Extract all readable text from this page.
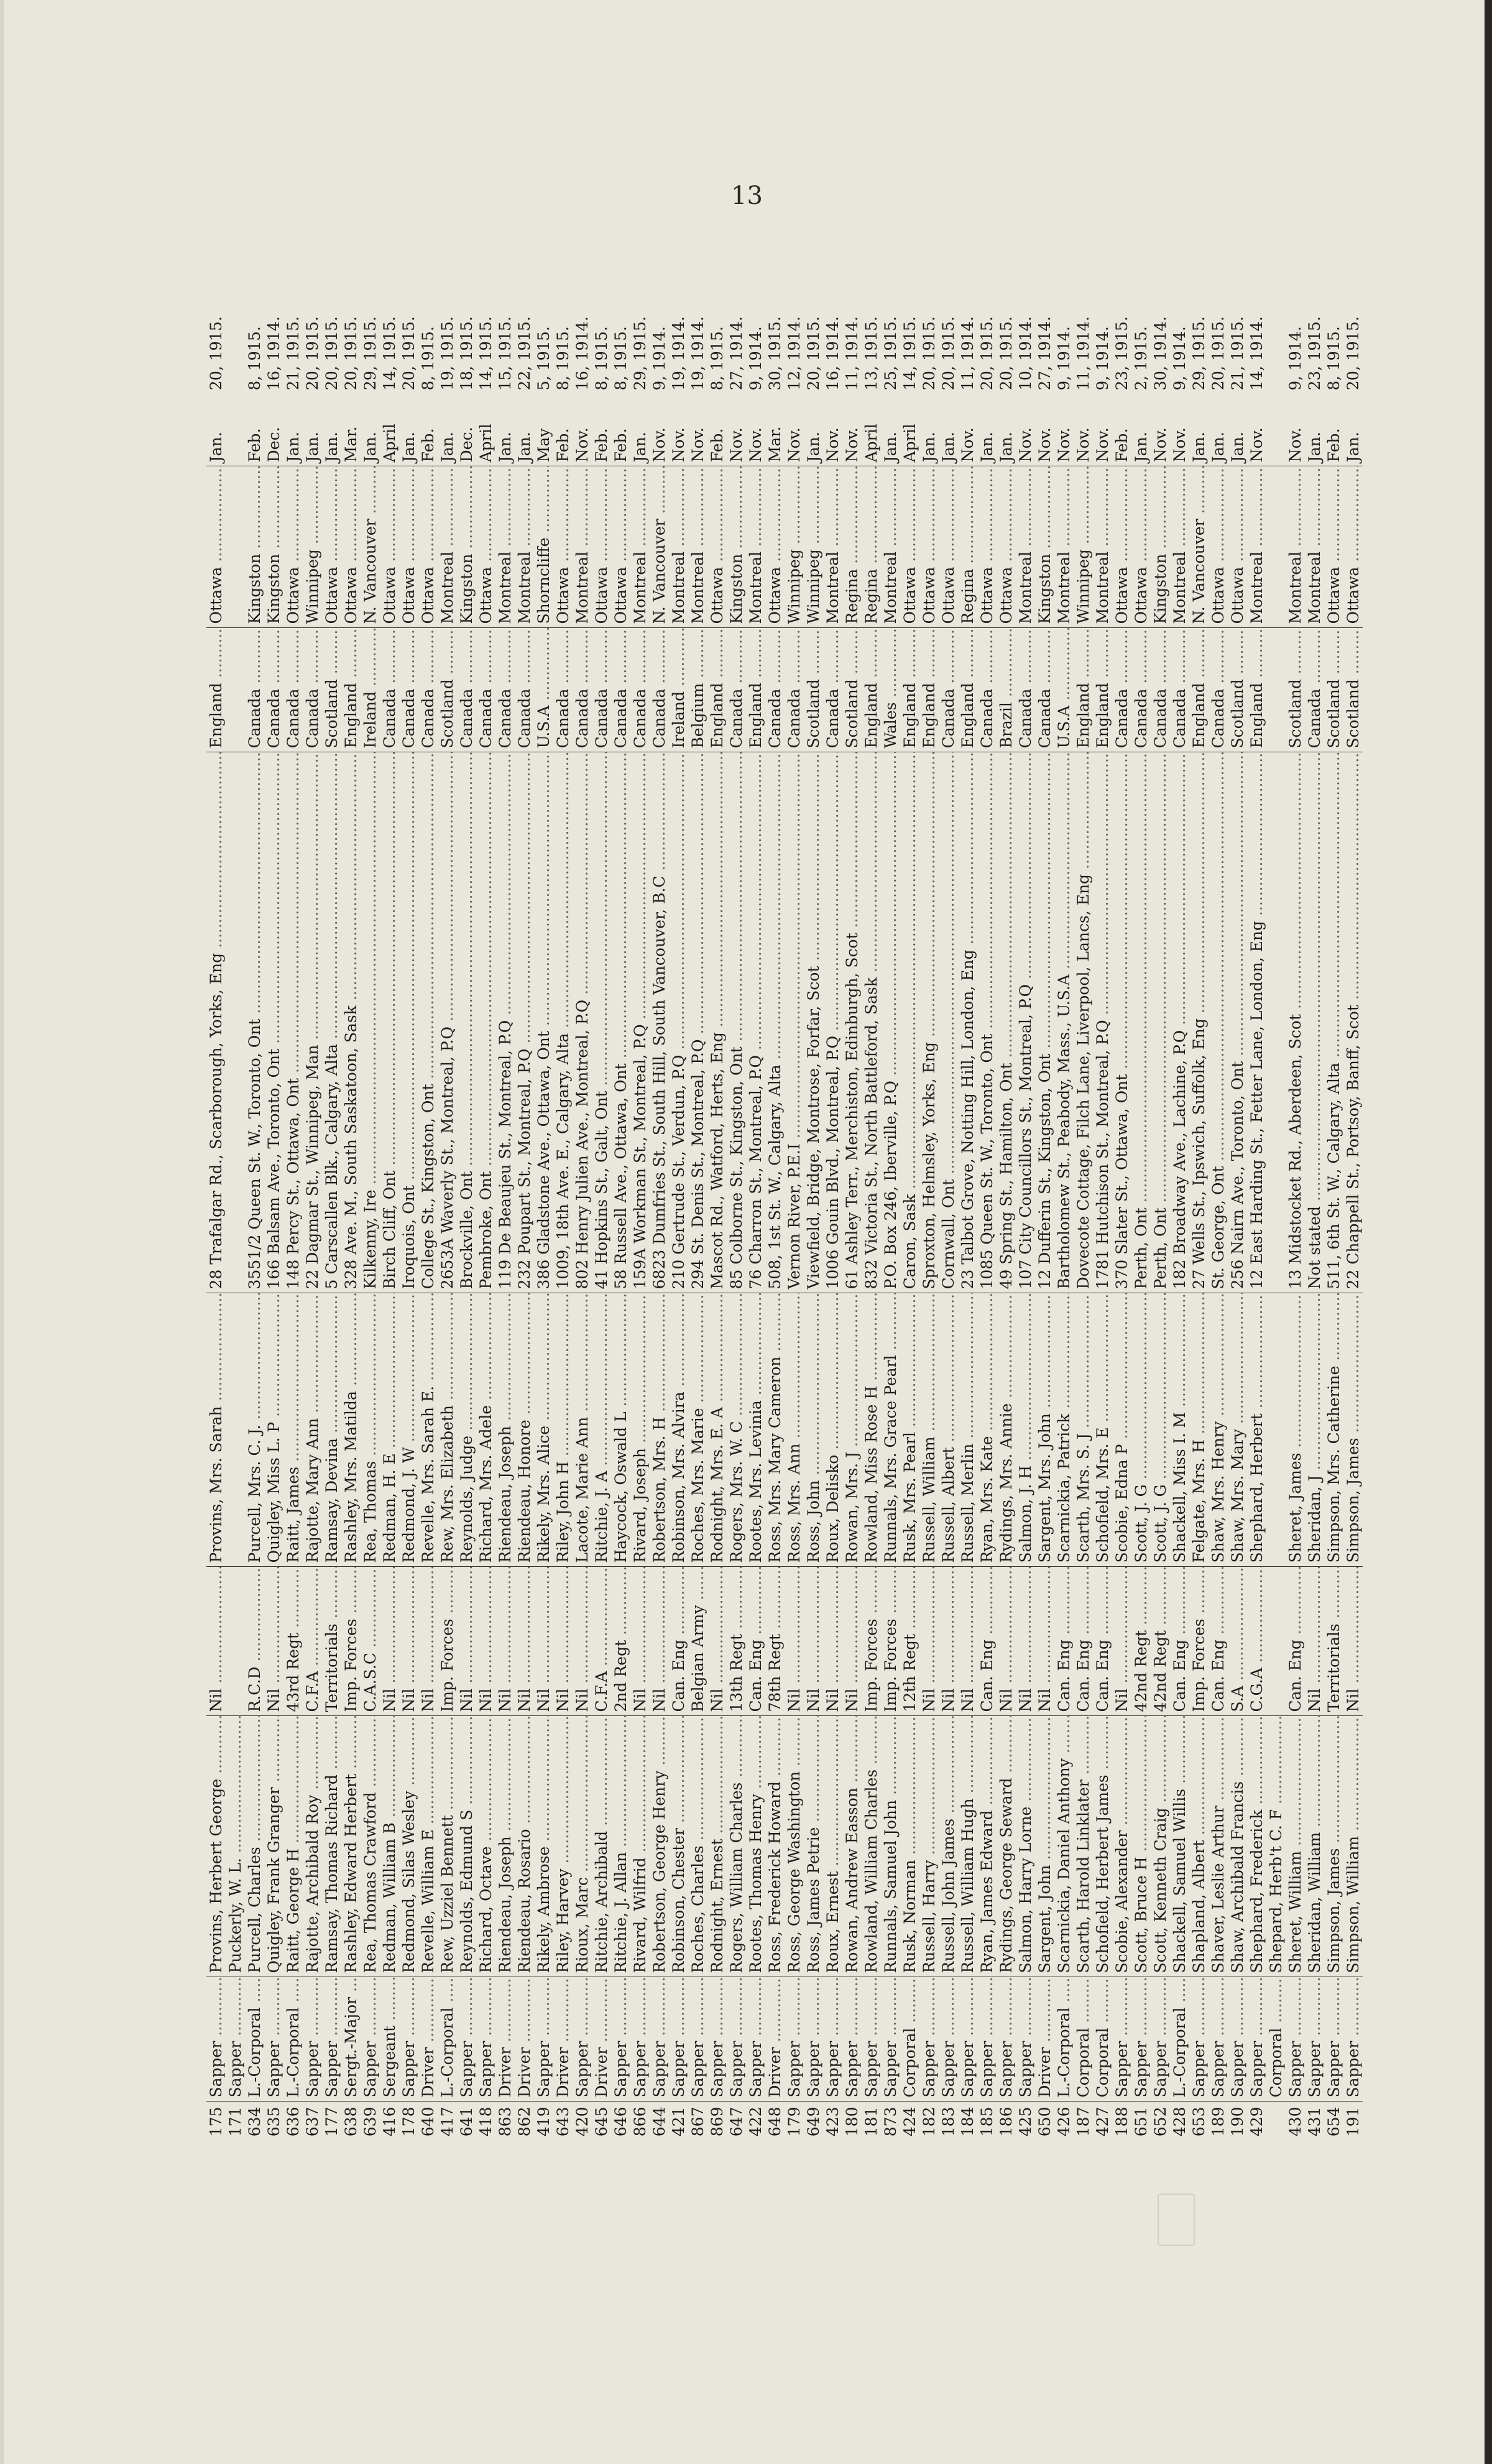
13
175	Sapper .....	Provins, Herbert George .....	Nil .....	Provins, Mrs. Sarah .....	28 Trafalgar Rd., Scarborough, Yorks, Eng .....	England .....	Ottawa .....	Jan.	20, 1915.
171	Sapper .....	Puckerly, W. L. .....							
634	L.-Corporal .....	Purcell, Charles .....	R.C.D .....	Purcell, Mrs. C. J. .....	3551/2 Queen St. W., Toronto, Ont .....	Canada .....	Kingston .....	Feb.	8, 1915.
635	Sapper .....	Quigley, Frank Granger .....	Nil .....	Quigley, Miss L. P .....	166 Balsam Ave., Toronto, Ont .....	Canada .....	Kingston .....	Dec.	16, 1914.
636	L.-Corporal .....	Raitt, George H .....	43rd Regt .....	Raitt, James .....	148 Percy St., Ottawa, Ont .....	Canada .....	Ottawa .....	Jan.	21, 1915.
637	Sapper .....	Rajotte, Archibald Roy .....	C.F.A .....	Rajotte, Mary Ann .....	22 Dagmar St., Winnipeg, Man .....	Canada .....	Winnipeg .....	Jan.	20, 1915.
177	Sapper .....	Ramsay, Thomas Richard .....	Territorials .....	Ramsay, Devina .....	5 Carscallen Blk., Calgary, Alta .....	Scotland .....	Ottawa .....	Jan.	20, 1915.
638	Sergt.-Major .....	Rashley, Edward Herbert .....	Imp. Forces .....	Rashley, Mrs. Matilda .....	328 Ave. M., South Saskatoon, Sask .....	England .....	Ottawa .....	Mar.	20, 1915.
639	Sapper .....	Rea, Thomas Crawford .....	C.A.S.C .....	Rea, Thomas .....	Kilkenny, Ire .....	Ireland .....	N. Vancouver .....	Jan.	29, 1915.
416	Sergeant .....	Redman, William B .....	Nil .....	Redman, H. E .....	Birch Cliff, Ont .....	Canada .....	Ottawa .....	April	14, 1915.
178	Sapper .....	Redmond, Silas Wesley .....	Nil .....	Redmond, J. W .....	Iroquois, Ont .....	Canada .....	Ottawa .....	Jan.	20, 1915.
640	Driver .....	Revelle, William E .....	Nil .....	Revelle, Mrs. Sarah E. .....	College St., Kingston, Ont .....	Canada .....	Ottawa .....	Feb.	8, 1915.
417	L.-Corporal .....	Rew, Uzziel Bennett .....	Imp. Forces .....	Rew, Mrs. Elizabeth .....	2653A Waverly St., Montreal, P.Q .....	Scotland .....	Montreal .....	Jan.	19, 1915.
641	Sapper .....	Reynolds, Edmund S .....	Nil .....	Reynolds, Judge .....	Brockville, Ont .....	Canada .....	Kingston .....	Dec.	18, 1915.
418	Sapper .....	Richard, Octave .....	Nil .....	Richard, Mrs. Adele .....	Pembroke, Ont .....	Canada .....	Ottawa .....	April	14, 1915.
863	Driver .....	Riendeau, Joseph .....	Nil .....	Riendeau, Joseph .....	119 De Beaujeu St., Montreal, P.Q .....	Canada .....	Montreal .....	Jan.	15, 1915.
862	Driver .....	Riendeau, Rosario .....	Nil .....	Riendeau, Honore .....	232 Poupart St., Montreal, P.Q .....	Canada .....	Montreal .....	Jan.	22, 1915.
419	Sapper .....	Rikely, Ambrose .....	Nil .....	Rikely, Mrs. Alice .....	386 Gladstone Ave., Ottawa, Ont .....	U.S.A .....	Shorncliffe .....	May	5, 1915.
643	Driver .....	Riley, Harvey .....	Nil .....	Riley, John H .....	1009, 18th Ave. E., Calgary, Alta .....	Canada .....	Ottawa .....	Feb.	8, 1915.
420	Sapper .....	Rioux, Marc .....	Nil .....	Lacote, Marie Ann .....	802 Henry Julien Ave., Montreal, P.Q .....	Canada .....	Montreal .....	Nov.	16, 1914.
645	Driver .....	Ritchie, Archibald .....	C.F.A .....	Ritchie, J. A .....	41 Hopkins St., Galt, Ont .....	Canada .....	Ottawa .....	Feb.	8, 1915.
646	Sapper .....	Ritchie, J. Allan .....	2nd Regt .....	Haycock, Oswald L .....	58 Russell Ave., Ottawa, Ont .....	Canada .....	Ottawa .....	Feb.	8, 1915.
866	Sapper .....	Rivard, Wilfrid .....	Nil .....	Rivard, Joseph .....	159A Workman St., Montreal, P.Q .....	Canada .....	Montreal .....	Jan.	29, 1915.
644	Sapper .....	Robertson, George Henry .....	Nil .....	Robertson, Mrs. H .....	6823 Dumfries St., South Hill, South Vancouver, B.C .....	Canada .....	N. Vancouver .....	Nov.	9, 1914.
421	Sapper .....	Robinson, Chester .....	Can. Eng .....	Robinson, Mrs. Alvira .....	210 Gertrude St., Verdun, P.Q .....	Ireland .....	Montreal .....	Nov.	19, 1914.
867	Sapper .....	Roches, Charles .....	Belgian Army .....	Roches, Mrs. Marie .....	294 St. Denis St., Montreal, P.Q .....	Belgium .....	Montreal .....	Nov.	19, 1914.
869	Sapper .....	Rodnight, Ernest .....	Nil .....	Rodnight, Mrs. E. A .....	Mascot Rd., Watford, Herts, Eng .....	England .....	Ottawa .....	Feb.	8, 1915.
647	Sapper .....	Rogers, William Charles .....	13th Regt .....	Rogers, Mrs. W. C .....	85 Colborne St., Kingston, Ont .....	Canada .....	Kingston .....	Nov.	27, 1914.
422	Sapper .....	Rootes, Thomas Henry .....	Can. Eng .....	Rootes, Mrs. Levinia .....	76 Charron St., Montreal, P.Q .....	England .....	Montreal .....	Nov.	9, 1914.
648	Driver .....	Ross, Frederick Howard .....	78th Regt .....	Ross, Mrs. Mary Cameron .....	508, 1st St. W., Calgary, Alta .....	Canada .....	Ottawa .....	Mar.	30, 1915.
179	Sapper .....	Ross, George Washington .....	Nil .....	Ross, Mrs. Ann .....	Vernon River, P.E.I .....	Canada .....	Winnipeg .....	Nov.	12, 1914.
649	Sapper .....	Ross, James Petrie .....	Nil .....	Ross, John .....	Viewfield, Bridge, Montrose, Forfar, Scot .....	Scotland .....	Winnipeg .....	Jan.	20, 1915.
423	Sapper .....	Roux, Ernest .....	Nil .....	Roux, Delisko .....	1006 Gouin Blvd., Montreal, P.Q .....	Canada .....	Montreal .....	Nov.	16, 1914.
180	Sapper .....	Rowan, Andrew Easson .....	Nil .....	Rowan, Mrs. J .....	61 Ashley Terr., Merchiston, Edinburgh, Scot .....	Scotland .....	Regina .....	Nov.	11, 1914.
181	Sapper .....	Rowland, William Charles .....	Imp. Forces .....	Rowland, Miss Rose H .....	832 Victoria St., North Battleford, Sask .....	England .....	Regina .....	April	13, 1915.
873	Sapper .....	Runnals, Samuel John .....	Imp. Forces .....	Runnals, Mrs. Grace Pearl .....	P.O. Box 246, Iberville, P.Q .....	Wales .....	Montreal .....	Jan.	25, 1915.
424	Corporal .....	Rusk, Norman .....	12th Regt .....	Rusk, Mrs. Pearl .....	Caron, Sask .....	England .....	Ottawa .....	April	14, 1915.
182	Sapper .....	Russell, Harry .....	Nil .....	Russell, William .....	Sproxton, Helmsley, Yorks, Eng .....	England .....	Ottawa .....	Jan.	20, 1915.
183	Sapper .....	Russell, John James .....	Nil .....	Russell, Albert .....	Cornwall, Ont .....	Canada .....	Ottawa .....	Jan.	20, 1915.
184	Sapper .....	Russell, William Hugh .....	Nil .....	Russell, Merlin .....	23 Talbot Grove, Notting Hill, London, Eng .....	England .....	Regina .....	Nov.	11, 1914.
185	Sapper .....	Ryan, James Edward .....	Can. Eng .....	Ryan, Mrs. Kate .....	1085 Queen St. W., Toronto, Ont .....	Canada .....	Ottawa .....	Jan.	20, 1915.
186	Sapper .....	Rydings, George Seward .....	Nil .....	Rydings, Mrs. Annie .....	49 Spring St., Hamilton, Ont .....	Brazil .....	Ottawa .....	Jan.	20, 1915.
425	Sapper .....	Salmon, Harry Lorne .....	Nil .....	Salmon, J. H .....	107 City Councillors St., Montreal, P.Q .....	Canada .....	Montreal .....	Nov.	10, 1914.
650	Driver .....	Sargent, John .....	Nil .....	Sargent, Mrs. John .....	12 Dufferin St., Kingston, Ont .....	Canada .....	Kingston .....	Nov.	27, 1914.
426	L.-Corporal .....	Scarnickia, Daniel Anthony .....	Can. Eng .....	Scarnickia, Patrick .....	Bartholomew St., Peabody, Mass., U.S.A .....	U.S.A .....	Montreal .....	Nov.	9, 1914.
187	Corporal .....	Scarth, Harold Linklater .....	Can. Eng .....	Scarth, Mrs. S. J .....	Dovecote Cottage, Filch Lane, Liverpool, Lancs, Eng .....	England .....	Winnipeg .....	Nov.	11, 1914.
427	Corporal .....	Schofield, Herbert James .....	Can. Eng .....	Schofield, Mrs. E .....	1781 Hutchison St., Montreal, P.Q .....	England .....	Montreal .....	Nov.	9, 1914.
188	Sapper .....	Scobie, Alexander .....	Nil .....	Scobie, Edna P .....	370 Slater St., Ottawa, Ont .....	Canada .....	Ottawa .....	Feb.	23, 1915.
651	Sapper .....	Scott, Bruce H .....	42nd Regt .....	Scott, J. G .....	Perth, Ont .....	Canada .....	Ottawa .....	Jan.	2, 1915.
652	Sapper .....	Scott, Kenneth Craig .....	42nd Regt .....	Scott, J. G .....	Perth, Ont .....	Canada .....	Kingston .....	Nov.	30, 1914.
428	L.-Corporal .....	Shackell, Samuel Willis .....	Can. Eng .....	Shackell, Miss I. M .....	182 Broadway Ave., Lachine, P.Q .....	Canada .....	Montreal .....	Nov.	9, 1914.
653	Sapper .....	Shapland, Albert .....	Imp. Forces .....	Felgate, Mrs. H .....	27 Wells St., Ipswich, Suffolk, Eng .....	England .....	N. Vancouver .....	Jan.	29, 1915.
189	Sapper .....	Shaver, Leslie Arthur .....	Can. Eng .....	Shaw, Mrs. Henry .....	St. George, Ont .....	Canada .....	Ottawa .....	Jan.	20, 1915.
190	Sapper .....	Shaw, Archibald Francis .....	S.A .....	Shaw, Mrs. Mary .....	256 Nairn Ave., Toronto, Ont .....	Scotland .....	Ottawa .....	Jan.	21, 1915.
429	Sapper .....	Shephard, Frederick .....	C.G.A .....	Shephard, Herbert .....	12 East Harding St., Fetter Lane, London, Eng .....	England .....	Montreal .....	Nov.	14, 1914.
	Corporal .....	Shepard, Herb't C. F .....							
430	Sapper .....	Sheret, William .....	Can. Eng .....	Sheret, James .....	13 Midstocket Rd., Aberdeen, Scot .....	Scotland .....	Montreal .....	Nov.	9, 1914.
431	Sapper .....	Sheridan, William .....	Nil .....	Sheridan, J .....	Not stated .....	Canada .....	Montreal .....	Jan.	23, 1915.
654	Sapper .....	Simpson, James .....	Territorials .....	Simpson, Mrs. Catherine .....	511, 6th St. W., Calgary, Alta .....	Scotland .....	Ottawa .....	Feb.	8, 1915.
191	Sapper .....	Simpson, William .....	Nil .....	Simpson, James .....	22 Chappell St., Portsoy, Banff, Scot .....	Scotland .....	Ottawa .....	Jan.	20, 1915.
